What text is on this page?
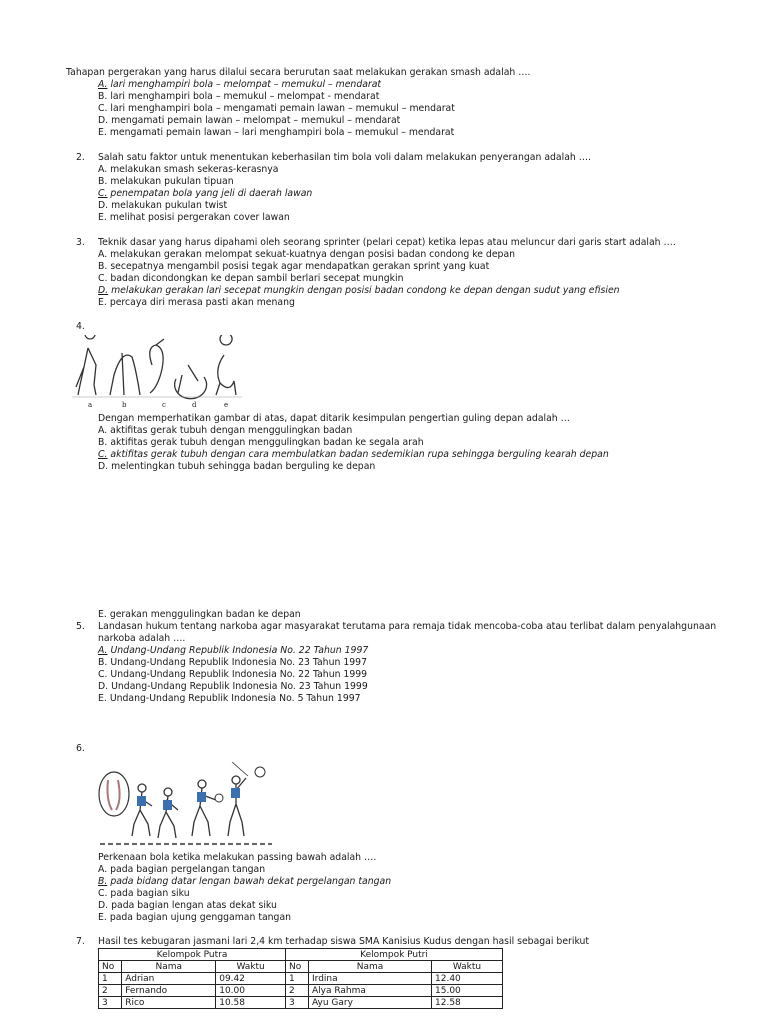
Tahapan pergerakan yang harus dilalui secara berurutan saat melakukan gerakan smash adalah ….
A. lari menghampiri bola – melompat – memukul – mendarat
B. lari menghampiri bola – memukul – melompat - mendarat
C. lari menghampiri bola – mengamati pemain lawan – memukul – mendarat
D. mengamati pemain lawan – melompat – memukul – mendarat
E. mengamati pemain lawan – lari menghampiri bola – memukul – mendarat
2. Salah satu faktor untuk menentukan keberhasilan tim bola voli dalam melakukan penyerangan adalah ….
A. melakukan smash sekeras-kerasnya
B. melakukan pukulan tipuan
C. penempatan bola yang jeli di daerah lawan
D. melakukan pukulan twist
E. melihat posisi pergerakan cover lawan
3. Teknik dasar yang harus dipahami oleh seorang sprinter (pelari cepat) ketika lepas atau meluncur dari garis start adalah ….
A. melakukan gerakan melompat sekuat-kuatnya dengan posisi badan condong ke depan
B. secepatnya mengambil posisi tegak agar mendapatkan gerakan sprint yang kuat
C. badan dicondongkan ke depan sambil berlari secepat mungkin
D. melakukan gerakan lari secepat mungkin dengan posisi badan condong ke depan dengan sudut yang efisien
E. percaya diri merasa pasti akan menang
4.
a	b	c	d	e
Dengan memperhatikan gambar di atas, dapat ditarik kesimpulan pengertian guling depan adalah …
A. aktifitas gerak tubuh dengan menggulingkan badan
B. aktifitas gerak tubuh dengan menggulingkan badan ke segala arah
C. aktifitas gerak tubuh dengan cara membulatkan badan sedemikian rupa sehingga berguling kearah depan
D. melentingkan tubuh sehingga badan berguling ke depan
E. gerakan menggulingkan badan ke depan
5. Landasan hukum tentang narkoba agar masyarakat terutama para remaja tidak mencoba-coba atau terlibat dalam penyalahgunaan
narkoba adalah ….
A. Undang-Undang Republik Indonesia No. 22 Tahun 1997
B. Undang-Undang Republik Indonesia No. 23 Tahun 1997
C. Undang-Undang Republik Indonesia No. 22 Tahun 1999
D. Undang-Undang Republik Indonesia No. 23 Tahun 1999
E. Undang-Undang Republik Indonesia No. 5 Tahun 1997
6.
Perkenaan bola ketika melakukan passing bawah adalah ….
A. pada bagian pergelangan tangan
B. pada bidang datar lengan bawah dekat pergelangan tangan
C. pada bagian siku
D. pada bagian lengan atas dekat siku
E. pada bagian ujung genggaman tangan
7. Hasil tes kebugaran jasmani lari 2,4 km terhadap siswa SMA Kanisius Kudus dengan hasil sebagai berikut
Kelompok Putra			Kelompok Putri		
No	Nama	Waktu	No	Nama	Waktu
1	Adrian	09.42	1	Irdina	12.40
2	Fernando	10.00	2	Alya Rahma	15.00
3	Rico	10.58	3	Ayu Gary	12.58
